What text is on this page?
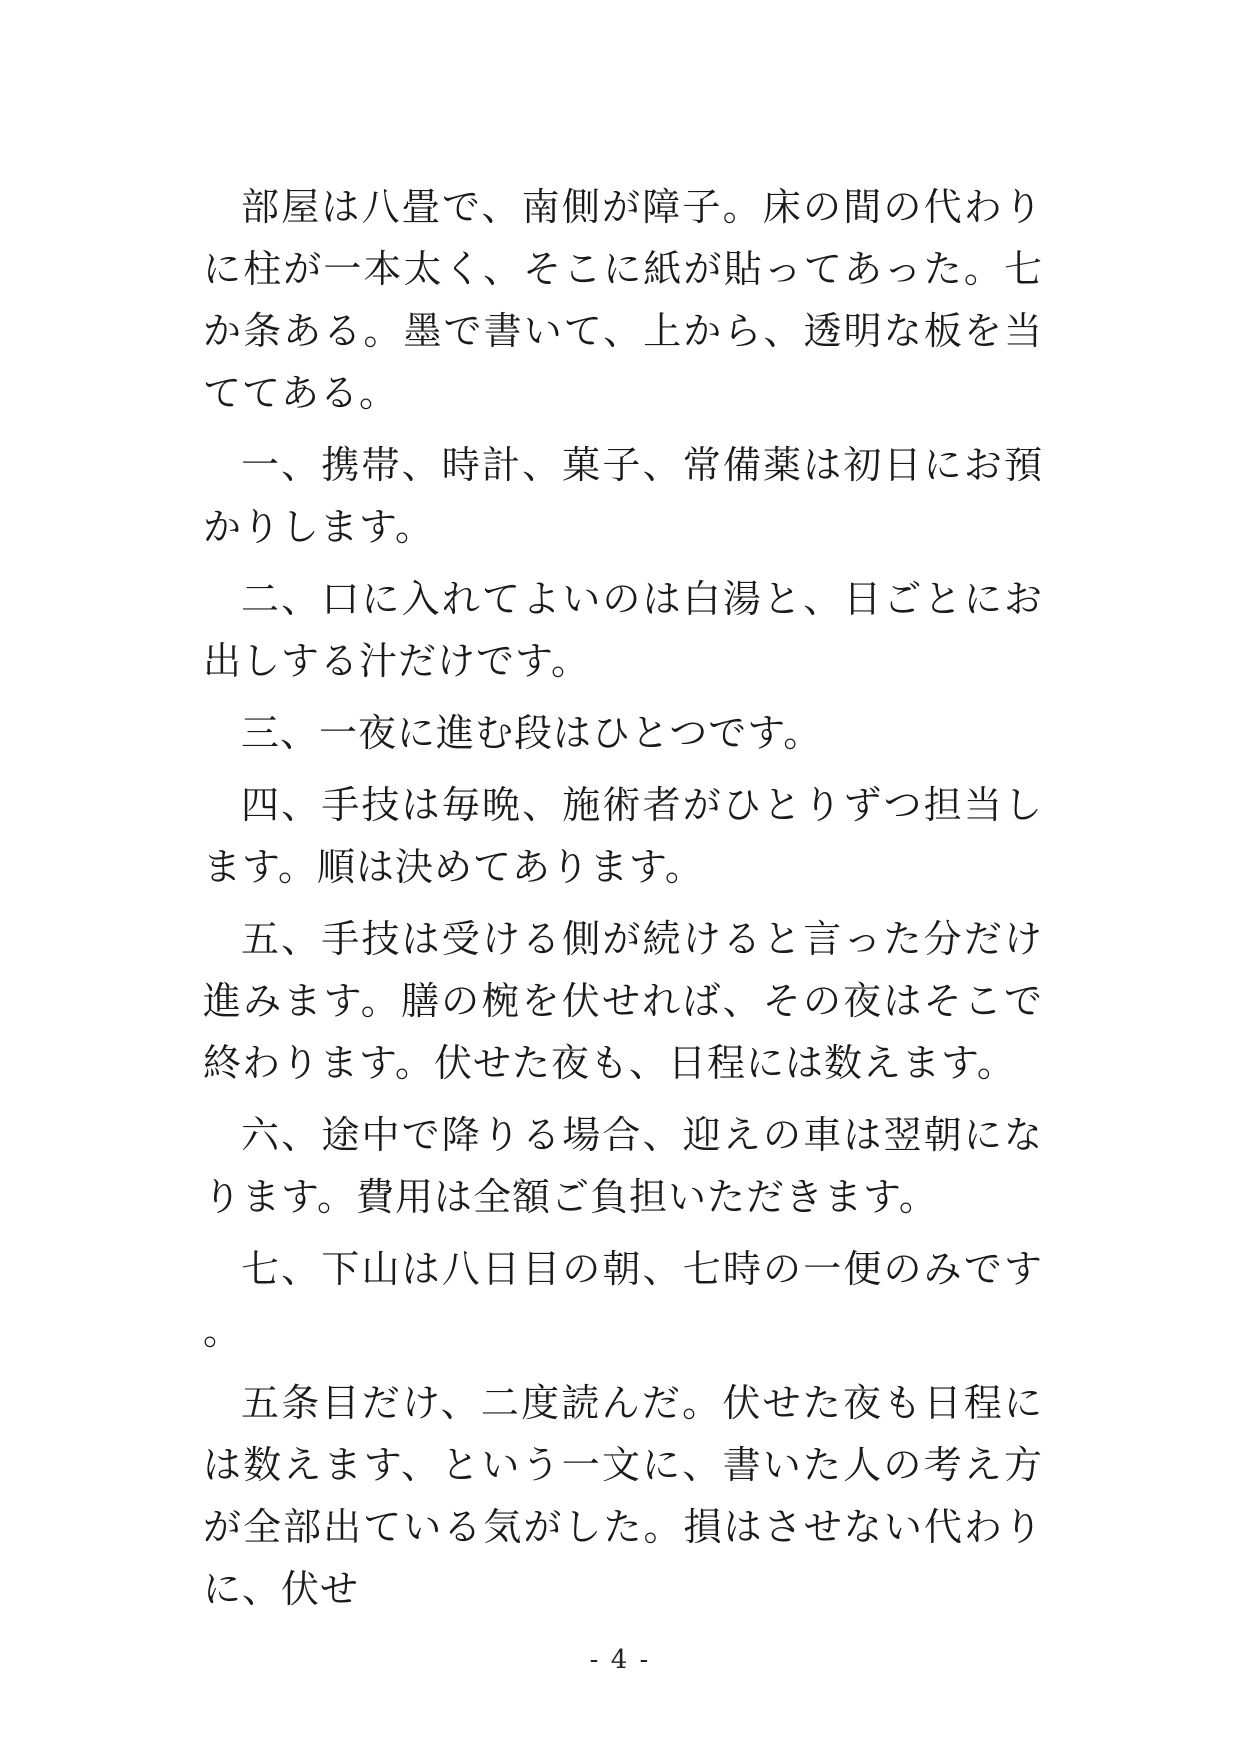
部屋は八畳で、南側が障子。床の間の代わりに柱が一本太く、そこに紙が貼ってあった。七か条ある。墨で書いて、上から、透明な板を当ててある。

一、携帯、時計、菓子、常備薬は初日にお預かりします。

二、口に入れてよいのは白湯と、日ごとにお出しする汁だけです。

三、一夜に進む段はひとつです。

四、手技は毎晩、施術者がひとりずつ担当します。順は決めてあります。

五、手技は受ける側が続けると言った分だけ進みます。膳の椀を伏せれば、その夜はそこで終わります。伏せた夜も、日程には数えます。

六、途中で降りる場合、迎えの車は翌朝になります。費用は全額ご負担いただきます。

七、下山は八日目の朝、七時の一便のみです。

五条目だけ、二度読んだ。伏せた夜も日程には数えます、という一文に、書いた人の考え方が全部出ている気がした。損はさせない代わりに、伏せ

- 4 -
